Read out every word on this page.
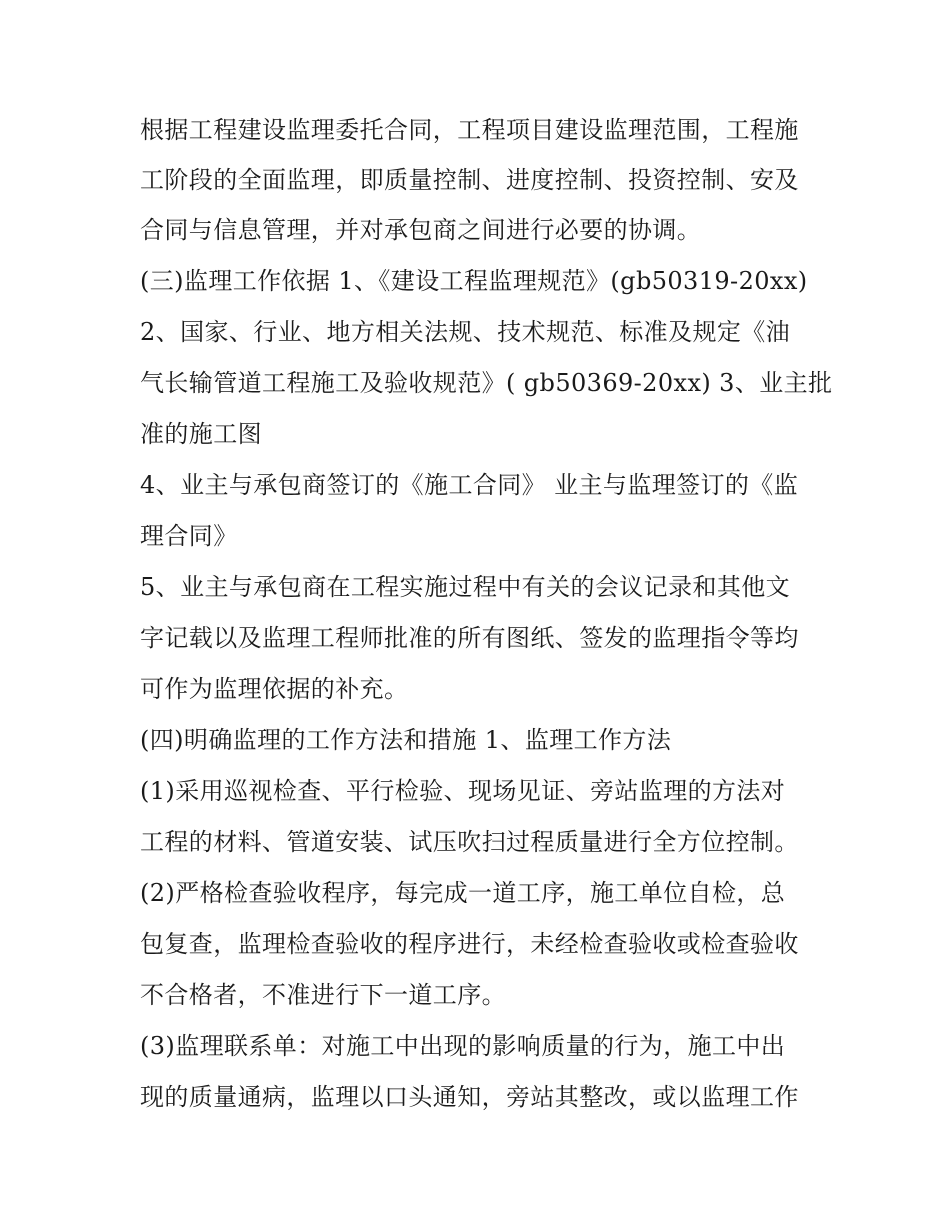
根据工程建设监理委托合同，工程项目建设监理范围，工程施
工阶段的全面监理，即质量控制、进度控制、投资控制、安及
合同与信息管理，并对承包商之间进行必要的协调。
(三)监理工作依据 1、《建设工程监理规范》(gb50319-20xx)
2、国家、行业、地方相关法规、技术规范、标准及规定《油
气长输管道工程施工及验收规范》( gb50369-20xx) 3、业主批
准的施工图
4、业主与承包商签订的《施工合同》 业主与监理签订的《监
理合同》
5、业主与承包商在工程实施过程中有关的会议记录和其他文
字记载以及监理工程师批准的所有图纸、签发的监理指令等均
可作为监理依据的补充。
(四)明确监理的工作方法和措施 1、监理工作方法
(1)采用巡视检查、平行检验、现场见证、旁站监理的方法对
工程的材料、管道安装、试压吹扫过程质量进行全方位控制。
(2)严格检查验收程序，每完成一道工序，施工单位自检，总
包复查，监理检查验收的程序进行，未经检查验收或检查验收
不合格者，不准进行下一道工序。
(3)监理联系单：对施工中出现的影响质量的行为，施工中出
现的质量通病，监理以口头通知，旁站其整改，或以监理工作
